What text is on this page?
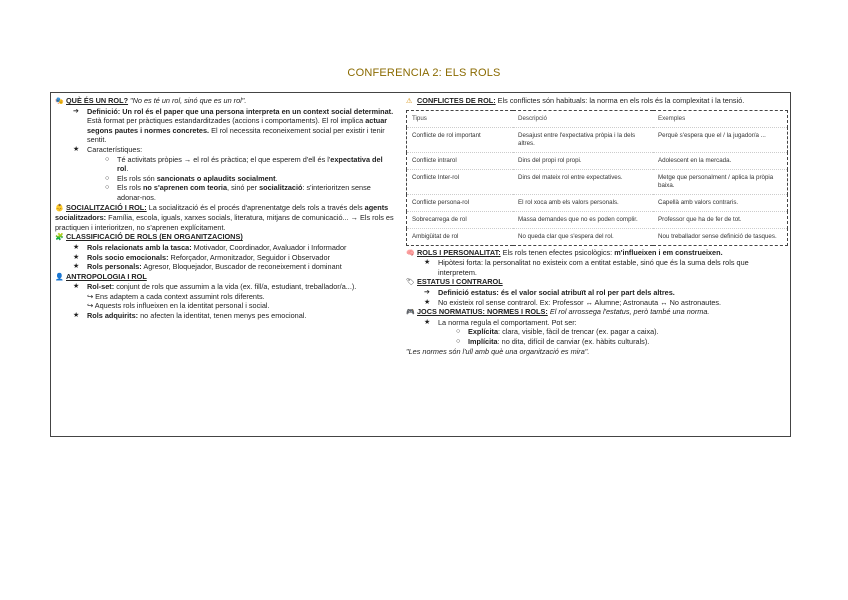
CONFERENCIA 2: ELS ROLS

🎭 QUÈ ÉS UN ROL? "No es té un rol, sinó que es un rol".

➔ Definició: Un rol és el paper que una persona interpreta en un context social determinat. Està format per pràctiques estandarditzades (accions i comportaments). El rol implica actuar segons pautes i normes concretes. El rol necessita reconeixement social per existir i tenir sentit.

★ Característiques:

○ Té activitats pròpies → el rol és pràctica; el que esperem d'ell és l'expectativa del rol.

○ Els rols són sancionats o aplaudits socialment.

○ Els rols no s'aprenen com teoria, sinó per socialització: s'interioritzen sense adonar-nos.

👶 SOCIALITZACIÓ I ROL: La socialització és el procés d'aprenentatge dels rols a través dels agents socialitzadors: Família, escola, iguals, xarxes socials, literatura, mitjans de comunicació... → Els rols es practiquen i interioritzen, no s'aprenen explícitament.

🧩 CLASSIFICACIÓ DE ROLS (EN ORGANITZACIONS)

★ Rols relacionats amb la tasca: Motivador, Coordinador, Avaluador i Informador

★ Rols socio emocionals: Reforçador, Armonitzador, Seguidor i Observador

★ Rols personals: Agresor, Bloquejador, Buscador de reconeixement i dominant

👤 ANTROPOLOGIA I ROL

★ Rol-set: conjunt de rols que assumim a la vida (ex. fill/a, estudiant, treballador/a...).

↪ Ens adaptem a cada context assumint rols diferents.

↪ Aquests rols influeixen en la identitat personal i social.

★ Rols adquirits: no afecten la identitat, tenen menys pes emocional.

⚠ CONFLICTES DE ROL: Els conflictes són habituals: la norma en els rols és la complexitat i la tensió.

Tipus	Descripció	Exemples
Conflicte de rol important	Desajust entre l'expectativa pròpia i la dels altres.	Perquè s'espera que el / la jugador/a ...
Conflicte intrarol	Dins del propi rol propi.	Adolescent en la mercada.
Conflicte Inter-rol	Dins del mateix rol entre expectatives.	Metge que personalment / aplica la pròpia baixa.
Conflicte persona-rol	El rol xoca amb els valors personals.	Capellà amb valors contraris.
Sobrecarrega de rol	Massa demandes que no es poden complir.	Professor que ha de fer de tot.
Ambigüitat de rol	No queda clar que s'espera del rol.	Nou treballador sense definició de tasques.

🧠 ROLS I PERSONALITAT: Els rols tenen efectes psicològics: m'influeixen i em construeixen.

★ Hipòtesi forta: la personalitat no existeix com a entitat estable, sinó que és la suma dels rols que interpretem.

🏷 ESTATUS I CONTRAROL

➔ Definició estatus: és el valor social atribuït al rol per part dels altres.

★ No existeix rol sense contrarol. Ex: Professor ↔ Alumne; Astronauta ↔ No astronautes.

🎮 JOCS NORMATIUS: NORMES I ROLS: El rol arrossega l'estatus, però també una norma.

★ La norma regula el comportament. Pot ser:

○ Explícita: clara, visible, fàcil de trencar (ex. pagar a caixa).

○ Implícita: no dita, difícil de canviar (ex. hàbits culturals).

"Les normes són l'ull amb què una organització es mira".
